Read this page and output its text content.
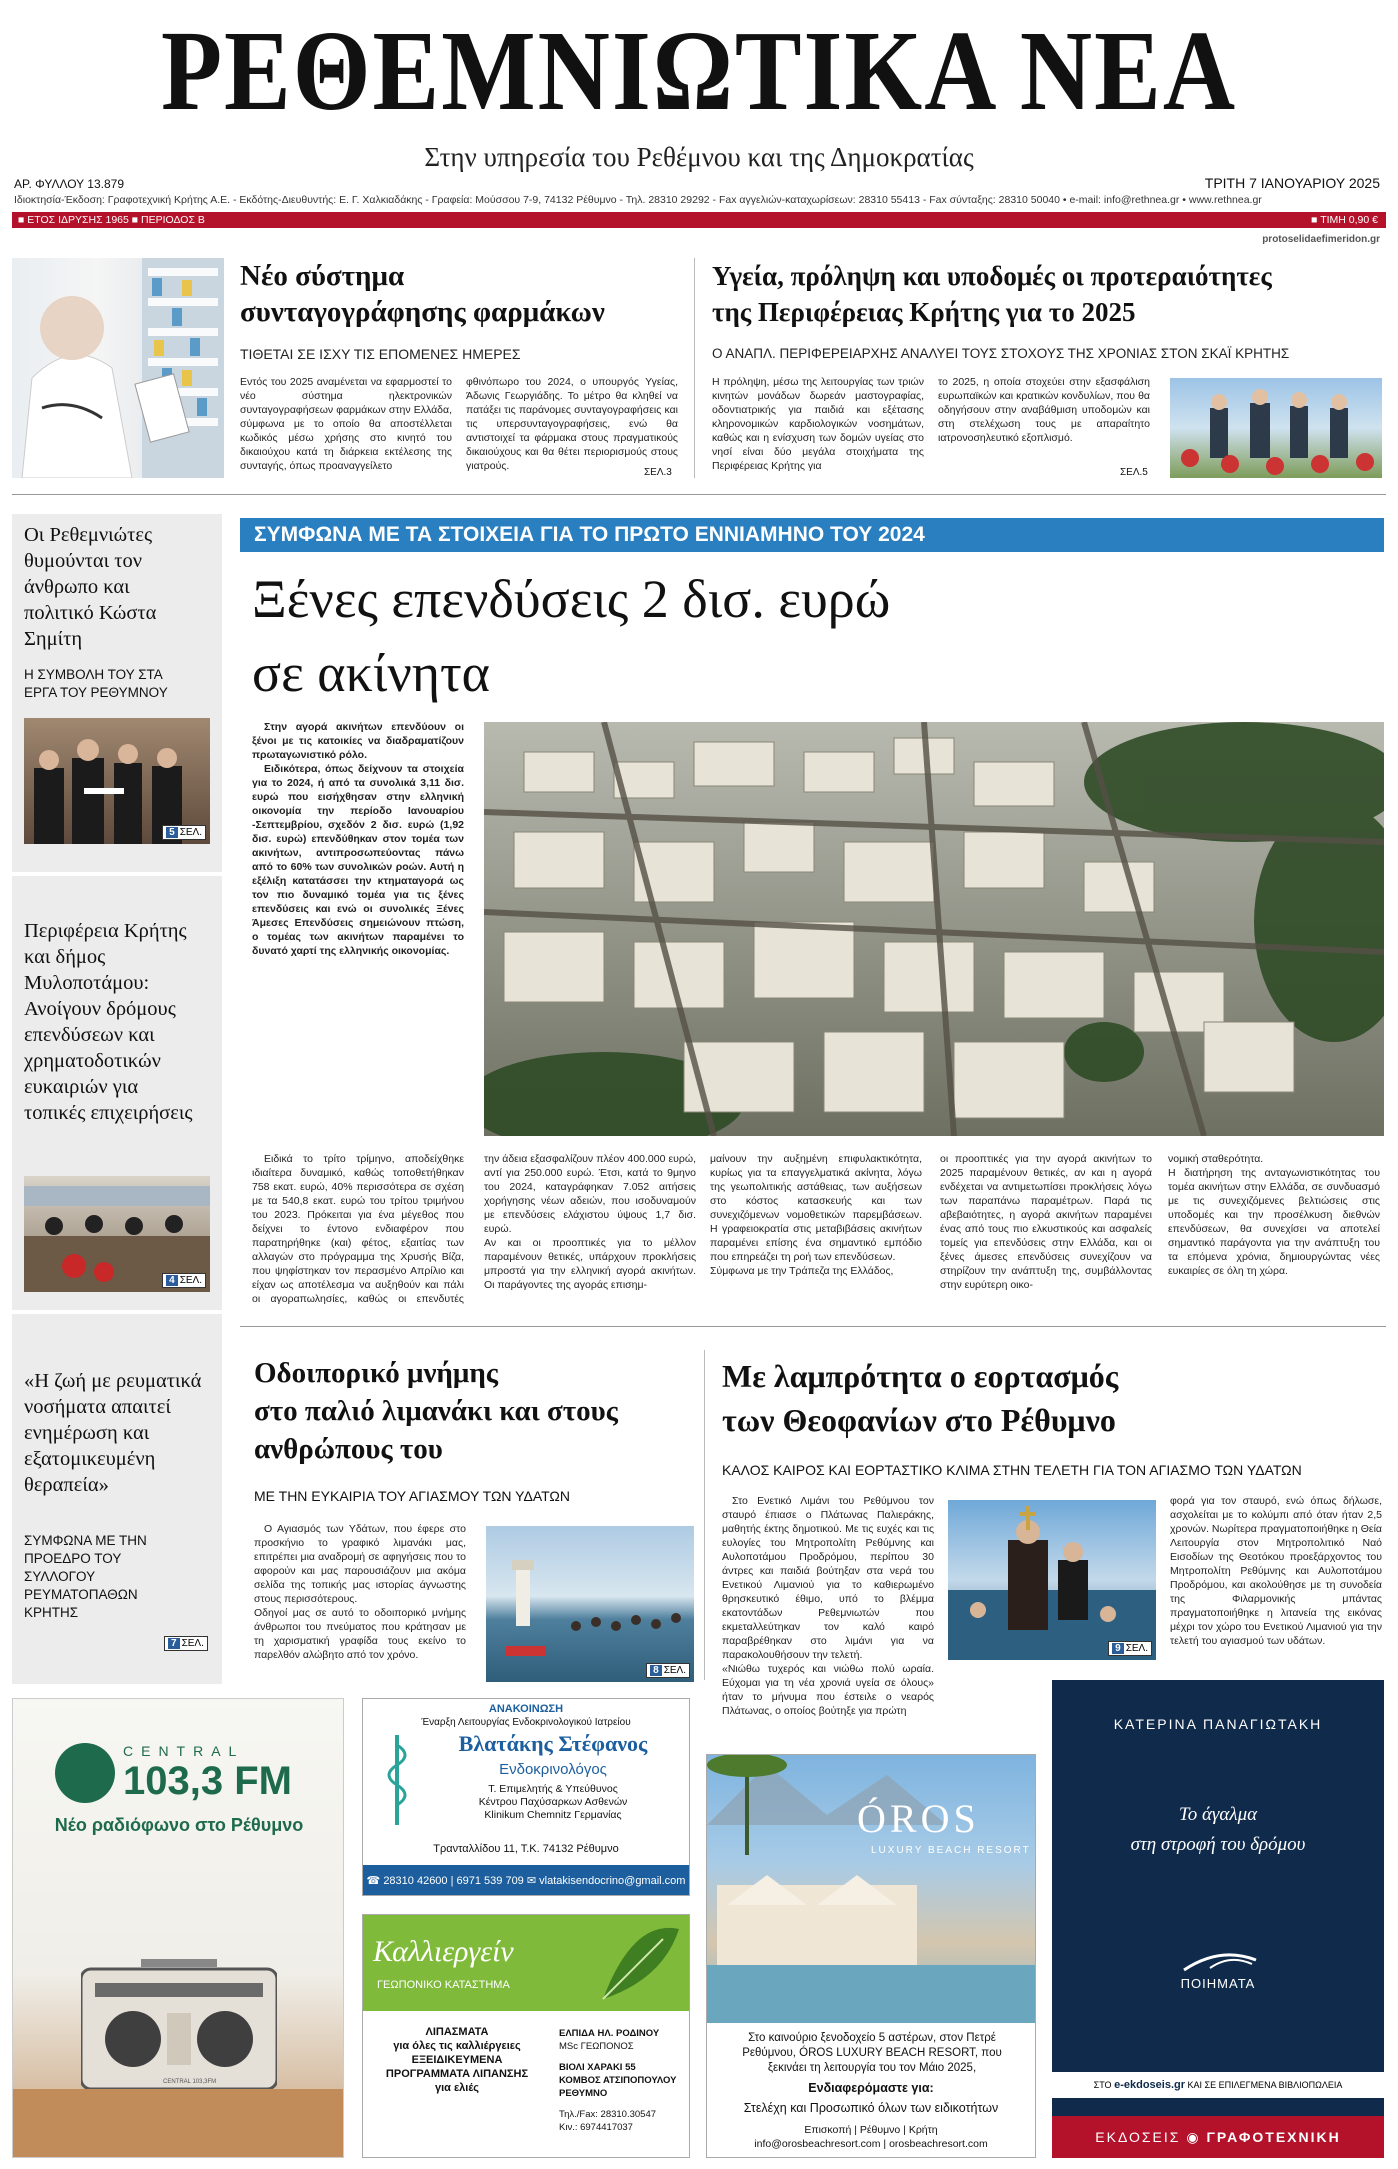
ΡΕΘΕΜΝΙΩΤΙΚΑ ΝΕΑ
Στην υπηρεσία του Ρεθέμνου και της Δημοκρατίας
ΑΡ. ΦΥΛΛΟΥ 13.879	ΤΡΙΤΗ 7 ΙΑΝΟΥΑΡΙΟΥ 2025
Ιδιοκτησία-Έκδοση: Γραφοτεχνική Κρήτης Α.Ε. - Εκδότης-Διευθυντής: Ε. Γ. Χαλκιαδάκης - Γραφεία: Μούσσου 7-9, 74132 Ρέθυμνο - Τηλ. 28310 29292 - Fax αγγελιών-καταχωρίσεων: 28310 55413 - Fax σύνταξης: 28310 50040 • e-mail: info@rethnea.gr • www.rethnea.gr
■ ΕΤΟΣ ΙΔΡΥΣΗΣ 1965 ■ ΠΕΡΙΟΔΟΣ Β	■ ΤΙΜΗ 0,90 €
protoselidaefimeridon.gr
Νέο σύστημα
συνταγογράφησης φαρμάκων
ΤΙΘΕΤΑΙ ΣΕ ΙΣΧΥ ΤΙΣ ΕΠΟΜΕΝΕΣ ΗΜΕΡΕΣ
Εντός του 2025 αναμένεται να εφαρμοστεί το νέο σύστημα ηλεκτρονικών συνταγογραφήσεων φαρμάκων στην Ελλάδα, σύμφωνα με το οποίο θα αποστέλλεται κωδικός μέσω χρήσης στο κινητό του δικαιούχου κατά τη διάρκεια εκτέλεσης της συνταγής, όπως προαναγγείλετο
φθινόπωρο του 2024, ο υπουργός Υγείας, Άδωνις Γεωργιάδης. Το μέτρο θα κληθεί να πατάξει τις παράνομες συνταγογραφήσεις και τις υπερσυνταγογραφήσεις, ενώ θα αντιστοιχεί τα φάρμακα στους πραγματικούς δικαιούχους και θα θέτει περιορισμούς στους γιατρούς.
ΣΕΛ.3
Υγεία, πρόληψη και υποδομές οι προτεραιότητες
της Περιφέρειας Κρήτης για το 2025
Ο ΑΝΑΠΛ. ΠΕΡΙΦΕΡΕΙΑΡΧΗΣ ΑΝΑΛΥΕΙ ΤΟΥΣ ΣΤΟΧΟΥΣ ΤΗΣ ΧΡΟΝΙΑΣ ΣΤΟΝ ΣΚΑΪ ΚΡΗΤΗΣ
Η πρόληψη, μέσω της λειτουργίας των τριών κινητών μονάδων δωρεάν μαστογραφίας, οδοντιατρικής για παιδιά και εξέτασης κληρονομικών καρδιολογικών νοσημάτων, καθώς και η ενίσχυση των δομών υγείας στο νησί είναι δύο μεγάλα στοιχήματα της Περιφέρειας Κρήτης για
το 2025, η οποία στοχεύει στην εξασφάλιση ευρωπαϊκών και κρατικών κονδυλίων, που θα οδηγήσουν στην αναβάθμιση υποδομών και στη στελέχωση τους με απαραίτητο ιατρονοσηλευτικό εξοπλισμό.
ΣΕΛ.5
Οι Ρεθεμνιώτες θυμούνται τον άνθρωπο και πολιτικό Κώστα Σημίτη
Η ΣΥΜΒΟΛΗ ΤΟΥ ΣΤΑ ΕΡΓΑ ΤΟΥ ΡΕΘΥΜΝΟΥ
5 ΣΕΛ.
Περιφέρεια Κρήτης και δήμος Μυλοποτάμου: Ανοίγουν δρόμους επενδύσεων και χρηματοδοτικών ευκαιριών για τοπικές επιχειρήσεις
4 ΣΕΛ.
«Η ζωή με ρευματικά νοσήματα απαιτεί ενημέρωση και εξατομικευμένη θεραπεία»
ΣΥΜΦΩΝΑ ΜΕ ΤΗΝ ΠΡΟΕΔΡΟ ΤΟΥ ΣΥΛΛΟΓΟΥ ΡΕΥΜΑΤΟΠΑΘΩΝ ΚΡΗΤΗΣ
7 ΣΕΛ.
ΣΥΜΦΩΝΑ ΜΕ ΤΑ ΣΤΟΙΧΕΙΑ ΓΙΑ ΤΟ ΠΡΩΤΟ ΕΝΝΙΑΜΗΝΟ ΤΟΥ 2024
Ξένες επενδύσεις 2 δισ. ευρώ
σε ακίνητα

Στην αγορά ακινήτων επενδύουν οι ξένοι με τις κατοικίες να διαδραματίζουν πρωταγωνιστικό ρόλο.

Ειδικότερα, όπως δείχνουν τα στοιχεία για το 2024, ή από τα συνολικά 3,11 δισ. ευρώ που εισήχθησαν στην ελληνική οικονομία την περίοδο Ιανουαρίου -Σεπτεμβρίου, σχεδόν 2 δισ. ευρώ (1,92 δισ. ευρώ) επενδύθηκαν στον τομέα των ακινήτων, αντιπροσωπεύοντας πάνω από το 60% των συνολικών ροών. Αυτή η εξέλιξη κατατάσσει την κτηματαγορά ως τον πιο δυναμικό τομέα για τις ξένες επενδύσεις και ενώ οι συνολικές Ξένες Άμεσες Επενδύσεις σημειώνουν πτώση, ο τομέας των ακινήτων παραμένει το δυνατό χαρτί της ελληνικής οικονομίας.

Ειδικά το τρίτο τρίμηνο, αποδείχθηκε ιδιαίτερα δυναμικό, καθώς τοποθετήθηκαν 758 εκατ. ευρώ, 40% περισσότερα σε σχέση με τα 540,8 εκατ. ευρώ του τρίτου τριμήνου του 2023. Πρόκειται για ένα μέγεθος που δείχνει το έντονο ενδιαφέρον που παρατηρήθηκε (και) φέτος, εξαιτίας των αλλαγών στο πρόγραμμα της Χρυσής Βίζα, που ψηφίστηκαν τον περασμένο Απρίλιο και είχαν ως αποτέλεσμα να αυξηθούν και πάλι οι αγοραπωλησίες, καθώς οι επενδυτές
την άδεια εξασφαλίζουν πλέον 400.000 ευρώ, αντί για 250.000 ευρώ. Έτσι, κατά το 9μηνο του 2024, καταγράφηκαν 7.052 αιτήσεις χορήγησης νέων αδειών, που ισοδυναμούν με επενδύσεις ελάχιστου ύψους 1,7 δισ. ευρώ.
Αν και οι προοπτικές για το μέλλον παραμένουν θετικές, υπάρχουν προκλήσεις μπροστά για την ελληνική αγορά ακινήτων. Οι παράγοντες της αγοράς επισημ-
μαίνουν την αυξημένη επιφυλακτικότητα, κυρίως για τα επαγγελματικά ακίνητα, λόγω της γεωπολιτικής αστάθειας, των αυξήσεων στο κόστος κατασκευής και των συνεχιζόμενων νομοθετικών παρεμβάσεων. Η γραφειοκρατία στις μεταβιβάσεις ακινήτων παραμένει επίσης ένα σημαντικό εμπόδιο που επηρεάζει τη ροή των επενδύσεων.
Σύμφωνα με την Τράπεζα της Ελλάδος,
οι προοπτικές για την αγορά ακινήτων το 2025 παραμένουν θετικές, αν και η αγορά ενδέχεται να αντιμετωπίσει προκλήσεις λόγω των παραπάνω παραμέτρων. Παρά τις αβεβαιότητες, η αγορά ακινήτων παραμένει ένας από τους πιο ελκυστικούς και ασφαλείς τομείς για επενδύσεις στην Ελλάδα, και οι ξένες άμεσες επενδύσεις συνεχίζουν να στηρίζουν την ανάπτυξη της, συμβάλλοντας στην ευρύτερη οικο-
νομική σταθερότητα.
Η διατήρηση της ανταγωνιστικότητας του τομέα ακινήτων στην Ελλάδα, σε συνδυασμό με τις συνεχιζόμενες βελτιώσεις στις υποδομές και την προσέλκυση διεθνών επενδύσεων, θα συνεχίσει να αποτελεί σημαντικό παράγοντα για την ανάπτυξη του τα επόμενα χρόνια, δημιουργώντας νέες ευκαιρίες σε όλη τη χώρα.
Οδοιπορικό μνήμης
στο παλιό λιμανάκι και στους
ανθρώπους του
ΜΕ ΤΗΝ ΕΥΚΑΙΡΙΑ ΤΟΥ ΑΓΙΑΣΜΟΥ ΤΩΝ ΥΔΑΤΩΝ
Ο Αγιασμός των Υδάτων, που έφερε στο προσκήνιο το γραφικό λιμανάκι μας, επιτρέπει μια αναδρομή σε αφηγήσεις που το αφορούν και μας παρουσιάζουν μια ακόμα σελίδα της τοπικής μας ιστορίας άγνωστης στους περισσότερους.
Οδηγοί μας σε αυτό το οδοιπορικό μνήμης άνθρωποι του πνεύματος που κράτησαν με τη χαρισματική γραφίδα τους εκείνο το παρελθόν αλώβητο από τον χρόνο.
8 ΣΕΛ.
Με λαμπρότητα ο εορτασμός
των Θεοφανίων στο Ρέθυμνο
ΚΑΛΟΣ ΚΑΙΡΟΣ ΚΑΙ ΕΟΡΤΑΣΤΙΚΟ ΚΛΙΜΑ ΣΤΗΝ ΤΕΛΕΤΗ ΓΙΑ ΤΟΝ ΑΓΙΑΣΜΟ ΤΩΝ ΥΔΑΤΩΝ
Στο Ενετικό Λιμάνι του Ρεθύμνου τον σταυρό έπιασε ο Πλάτωνας Παλιεράκης, μαθητής έκτης δημοτικού. Με τις ευχές και τις ευλογίες του Μητροπολίτη Ρεθύμνης και Αυλοποτάμου Προδρόμου, περίπου 30 άντρες και παιδιά βούτηξαν στα νερά του Ενετικού Λιμανιού για το καθιερωμένο θρησκευτικό έθιμο, υπό το βλέμμα εκατοντάδων Ρεθεμνιωτών που εκμεταλλεύτηκαν τον καλό καιρό παραβρέθηκαν στο λιμάνι για να παρακολουθήσουν την τελετή.
«Νιώθω τυχερός και νιώθω πολύ ωραία. Εύχομαι για τη νέα χρονιά υγεία σε όλους» ήταν το μήνυμα που έστειλε ο νεαρός Πλάτωνας, ο οποίος βούτηξε για πρώτη
9 ΣΕΛ.
φορά για τον σταυρό, ενώ όπως δήλωσε, ασχολείται με το κολύμπι από όταν ήταν 2,5 χρονών. Νωρίτερα πραγματοποιήθηκε η Θεία Λειτουργία στον Μητροπολιτικό Ναό Εισοδίων της Θεοτόκου προεξάρχοντος του Μητροπολίτη Ρεθύμνης και Αυλοποτάμου Προδρόμου, και ακολούθησε με τη συνοδεία της Φιλαρμονικής μπάντας πραγματοποιήθηκε η λιτανεία της εικόνας μέχρι τον χώρο του Ενετικού Λιμανιού για την τελετή του αγιασμού των υδάτων.
CENTRAL
103,3 FM
Νέο ραδιόφωνο στο Ρέθυμνο
CENTRAL 103,3FM
ΑΝΑΚΟΙΝΩΣΗ
Έναρξη Λειτουργίας Ενδοκρινολογικού Ιατρείου
Βλατάκης Στέφανος
Ενδοκρινολόγος
Τ. Επιμελητής & Υπεύθυνος
Κέντρου Παχύσαρκων Ασθενών
Klinikum Chemnitz Γερμανίας
Τρανταλλίδου 11, Τ.Κ. 74132 Ρέθυμνο
☎ 28310 42600 | 6971 539 709 ✉ vlatakisendocrino@gmail.com
Καλλιεργείν
ΓΕΩΠΟΝΙΚΟ ΚΑΤΑΣΤΗΜΑ
ΛΙΠΑΣΜΑΤΑ
για όλες τις καλλιέργειες
ΕΞΕΙΔΙΚΕΥΜΕΝΑ
ΠΡΟΓΡΑΜΜΑΤΑ ΛΙΠΑΝΣΗΣ
για ελιές
ΕΛΠΙΔΑ ΗΛ. ΡΟΔΙΝΟΥ
MSc ΓΕΩΠΟΝΟΣ
ΒΙΟΛΙ ΧΑΡΑΚΙ 55
ΚΟΜΒΟΣ ΑΤΣΙΠΟΠΟΥΛΟΥ
ΡΕΘΥΜΝΟ
Τηλ./Fax: 28310.30547
Κιν.: 6974417037
ÓROS
LUXURY BEACH RESORT
Στο καινούριο ξενοδοχείο 5 αστέρων, στον Πετρέ Ρεθύμνου, ÓROS LUXURY BEACH RESORT, που ξεκινάει τη λειτουργία του τον Μάιο 2025,
Ενδιαφερόμαστε για:
Στελέχη και Προσωπικό όλων των ειδικοτήτων
Επισκοπή | Ρέθυμνο | Κρήτη
info@orosbeachresort.com | orosbeachresort.com
ΚΑΤΕΡΙΝΑ ΠΑΝΑΓΙΩΤΑΚΗ
Το άγαλμα
στη στροφή του δρόμου
ΠΟΙΗΜΑΤΑ
ΣΤΟ e-ekdoseis.gr ΚΑΙ ΣΕ ΕΠΙΛΕΓΜΕΝΑ ΒΙΒΛΙΟΠΩΛΕΙΑ
ΕΚΔΟΣΕΙΣ ◉ ΓΡΑΦΟΤΕΧΝΙΚΗ
